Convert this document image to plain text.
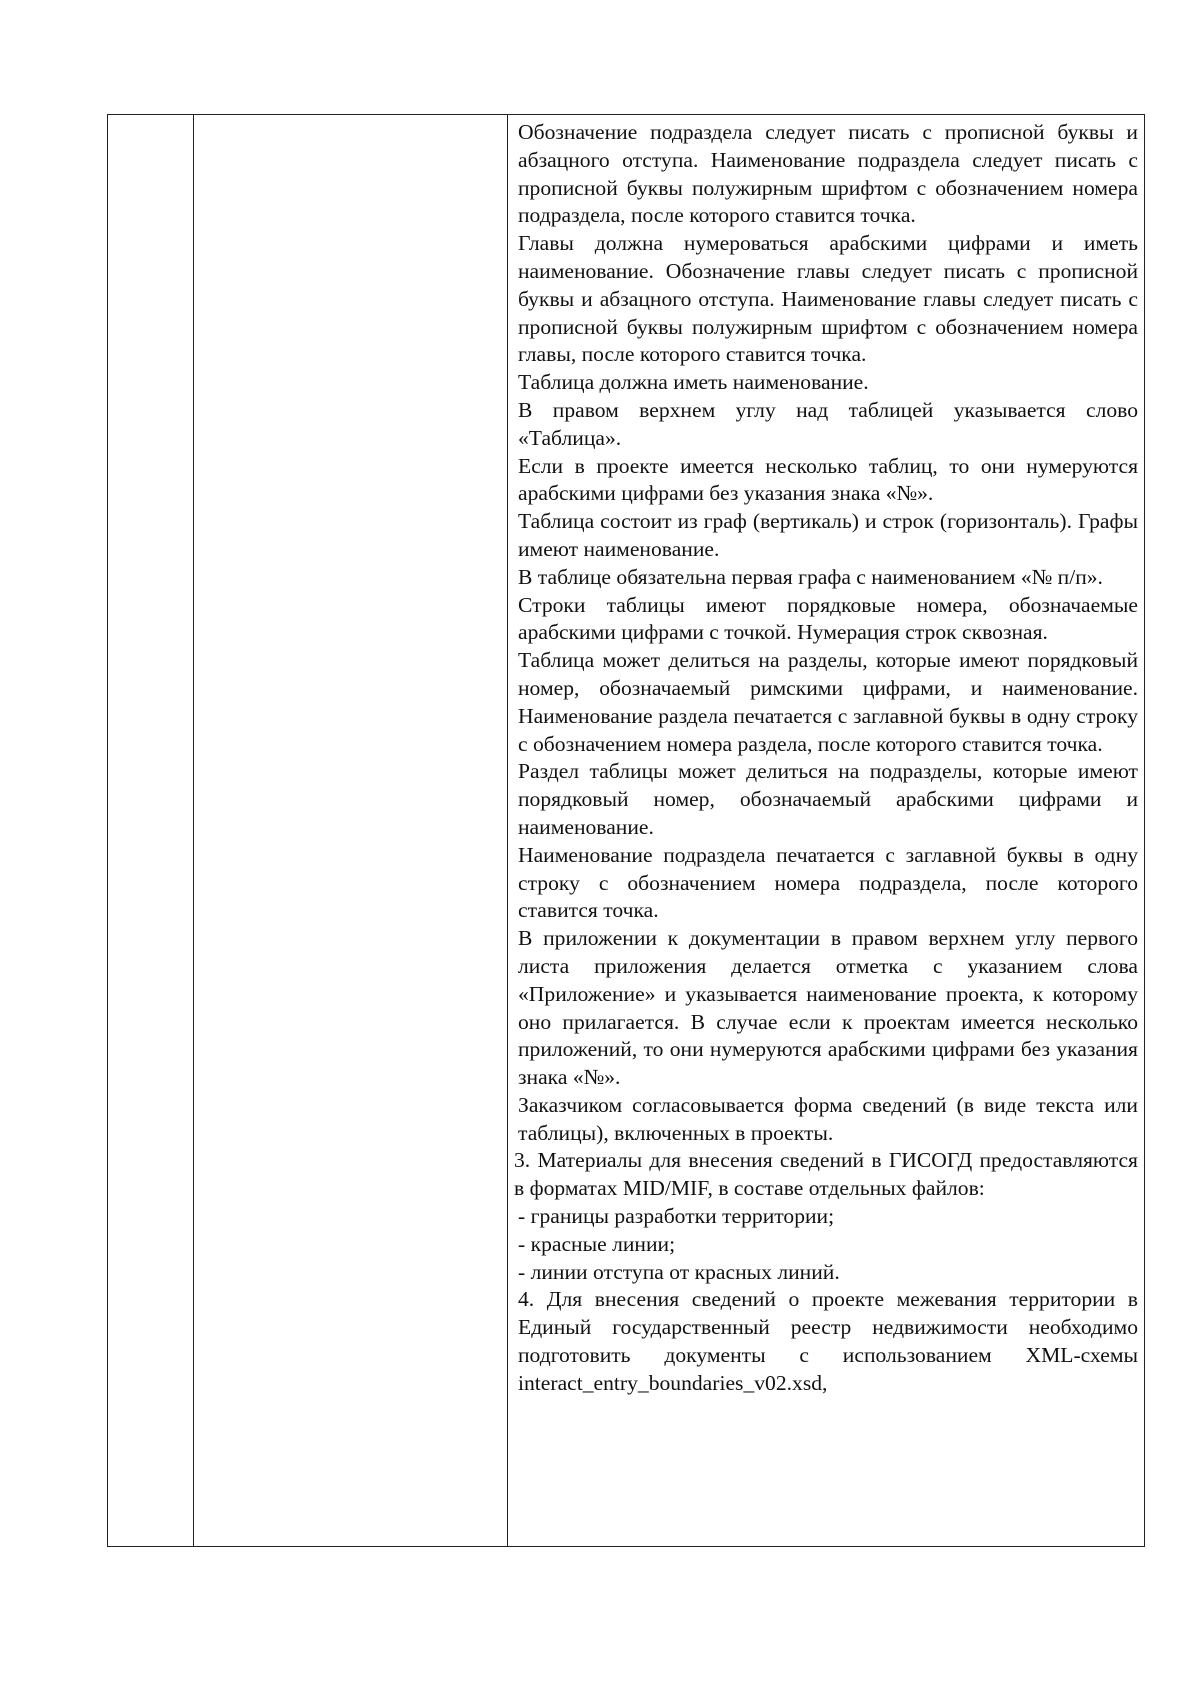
Обозначение подраздела следует писать с прописной буквы и абзацного отступа. Наименование подраздела следует писать с прописной буквы полужирным шрифтом с обозначением номера подраздела, после которого ставится точка.

Главы должна нумероваться арабскими цифрами и иметь наименование. Обозначение главы следует писать с прописной буквы и абзацного отступа. Наименование главы следует писать с прописной буквы полужирным шрифтом с обозначением номера главы, после которого ставится точка.

Таблица должна иметь наименование.

В правом верхнем углу над таблицей указывается слово «Таблица».

Если в проекте имеется несколько таблиц, то они нумеруются арабскими цифрами без указания знака «№».

Таблица состоит из граф (вертикаль) и строк (горизонталь). Графы имеют наименование.

В таблице обязательна первая графа с наименованием «№ п/п».

Строки таблицы имеют порядковые номера, обозначаемые арабскими цифрами с точкой. Нумерация строк сквозная.

Таблица может делиться на разделы, которые имеют порядковый номер, обозначаемый римскими цифрами, и наименование. Наименование раздела печатается с заглавной буквы в одну строку с обозначением номера раздела, после которого ставится точка.

Раздел таблицы может делиться на подразделы, которые имеют порядковый номер, обозначаемый арабскими цифрами и наименование.

Наименование подраздела печатается с заглавной буквы в одну строку с обозначением номера подраздела, после которого ставится точка.

В приложении к документации в правом верхнем углу первого листа приложения делается отметка с указанием слова «Приложение» и указывается наименование проекта, к которому оно прилагается. В случае если к проектам имеется несколько приложений, то они нумеруются арабскими цифрами без указания знака «№».

Заказчиком согласовывается форма сведений (в виде текста или таблицы), включенных в проекты.

3. Материалы для внесения сведений в ГИСОГД предоставляются в форматах MID/MIF, в составе отдельных файлов:

- границы разработки территории;

- красные линии;

- линии отступа от красных линий.

4. Для внесения сведений о проекте межевания территории в Единый государственный реестр недвижимости необходимо подготовить документы с использованием XML-схемы interact_entry_boundaries_v02.xsd,
